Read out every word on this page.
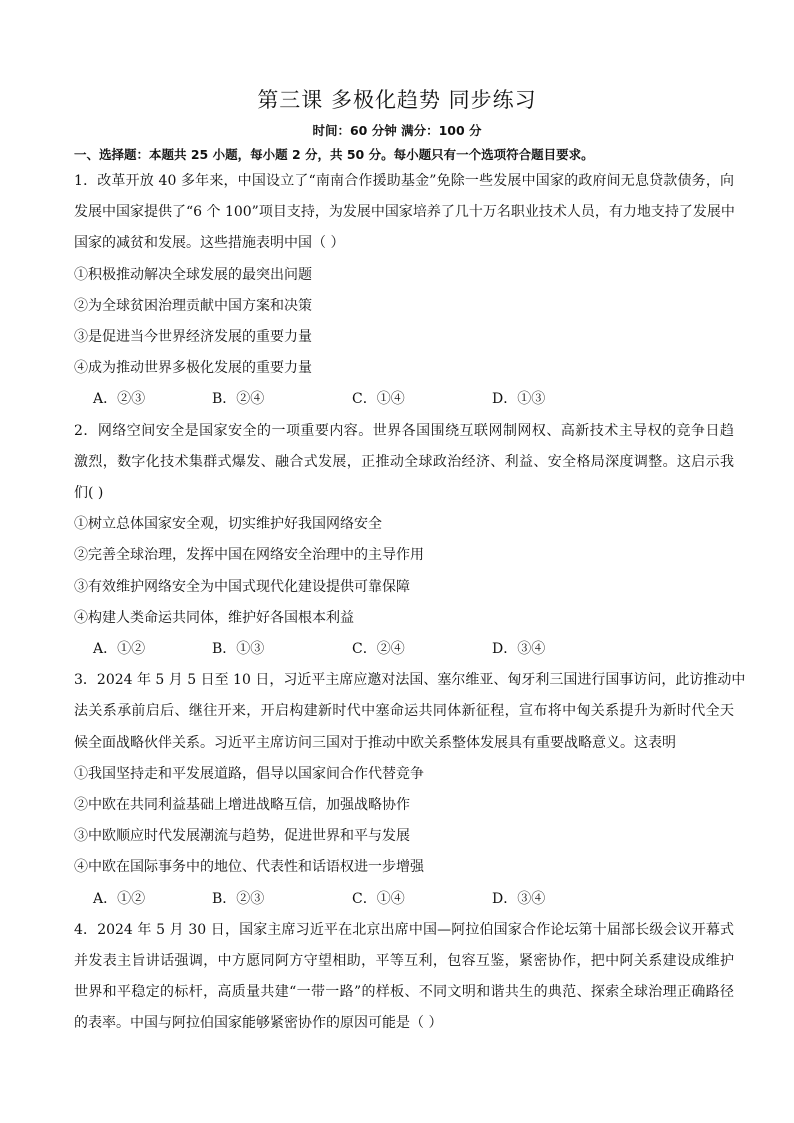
第三课 多极化趋势 同步练习
时间：60 分钟 满分：100 分
一、选择题：本题共 25 小题，每小题 2 分，共 50 分。每小题只有一个选项符合题目要求。
1．改革开放 40 多年来，中国设立了“南南合作援助基金”免除一些发展中国家的政府间无息贷款债务，向
发展中国家提供了“6 个 100”项目支持，为发展中国家培养了几十万名职业技术人员，有力地支持了发展中
国家的减贫和发展。这些措施表明中国（ ）
①积极推动解决全球发展的最突出问题
②为全球贫困治理贡献中国方案和决策
③是促进当今世界经济发展的重要力量
④成为推动世界多极化发展的重要力量
A．②③	B．②④	C．①④	D．①③
2．网络空间安全是国家安全的一项重要内容。世界各国围绕互联网制网权、高新技术主导权的竞争日趋
激烈，数字化技术集群式爆发、融合式发展，正推动全球政治经济、利益、安全格局深度调整。这启示我
们( )
①树立总体国家安全观，切实维护好我国网络安全
②完善全球治理，发挥中国在网络安全治理中的主导作用
③有效维护网络安全为中国式现代化建设提供可靠保障
④构建人类命运共同体，维护好各国根本利益
A．①②	B．①③	C．②④	D．③④
3．2024 年 5 月 5 日至 10 日，习近平主席应邀对法国、塞尔维亚、匈牙利三国进行国事访问，此访推动中
法关系承前启后、继往开来，开启构建新时代中塞命运共同体新征程，宣布将中匈关系提升为新时代全天
候全面战略伙伴关系。习近平主席访问三国对于推动中欧关系整体发展具有重要战略意义。这表明
①我国坚持走和平发展道路，倡导以国家间合作代替竞争
②中欧在共同利益基础上增进战略互信，加强战略协作
③中欧顺应时代发展潮流与趋势，促进世界和平与发展
④中欧在国际事务中的地位、代表性和话语权进一步增强
A．①②	B．②③	C．①④	D．③④
4．2024 年 5 月 30 日，国家主席习近平在北京出席中国—阿拉伯国家合作论坛第十届部长级会议开幕式
并发表主旨讲话强调，中方愿同阿方守望相助，平等互利，包容互鉴，紧密协作，把中阿关系建设成维护
世界和平稳定的标杆，高质量共建“一带一路”的样板、不同文明和谐共生的典范、探索全球治理正确路径
的表率。中国与阿拉伯国家能够紧密协作的原因可能是（ ）
